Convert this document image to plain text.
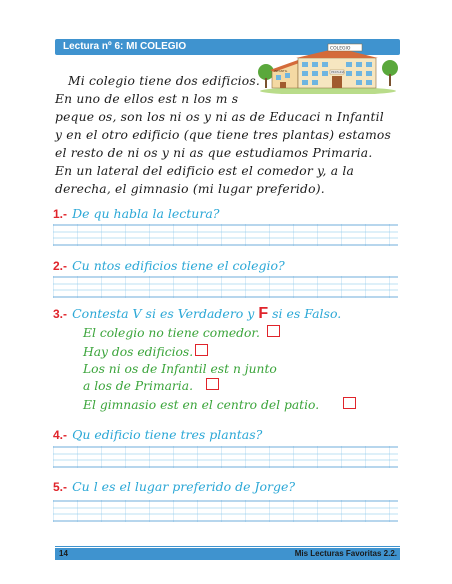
Lectura nº 6: MI COLEGIO
INFANTIL
COLEGIO
PRIMARIA
Mi colegio tiene dos edificios.
En uno de ellos est n los m s
peque os, son los ni os y ni as de Educaci n Infantil
y en el otro edificio (que tiene tres plantas) estamos
el resto de ni os y ni as que estudiamos Primaria.
En un lateral del edificio est el comedor y, a la
derecha, el gimnasio (mi lugar preferido).
1.- De qu habla la lectura?
2.- Cu ntos edificios tiene el colegio?
3.- Contesta V si es Verdadero y F si es Falso.
El colegio no tiene comedor.
Hay dos edificios.
Los ni os de Infantil est n junto
a los de Primaria.
El gimnasio est en el centro del patio.
4.- Qu edificio tiene tres plantas?
5.- Cu l es el lugar preferido de Jorge?
14	Mis Lecturas Favoritas 2.2.
